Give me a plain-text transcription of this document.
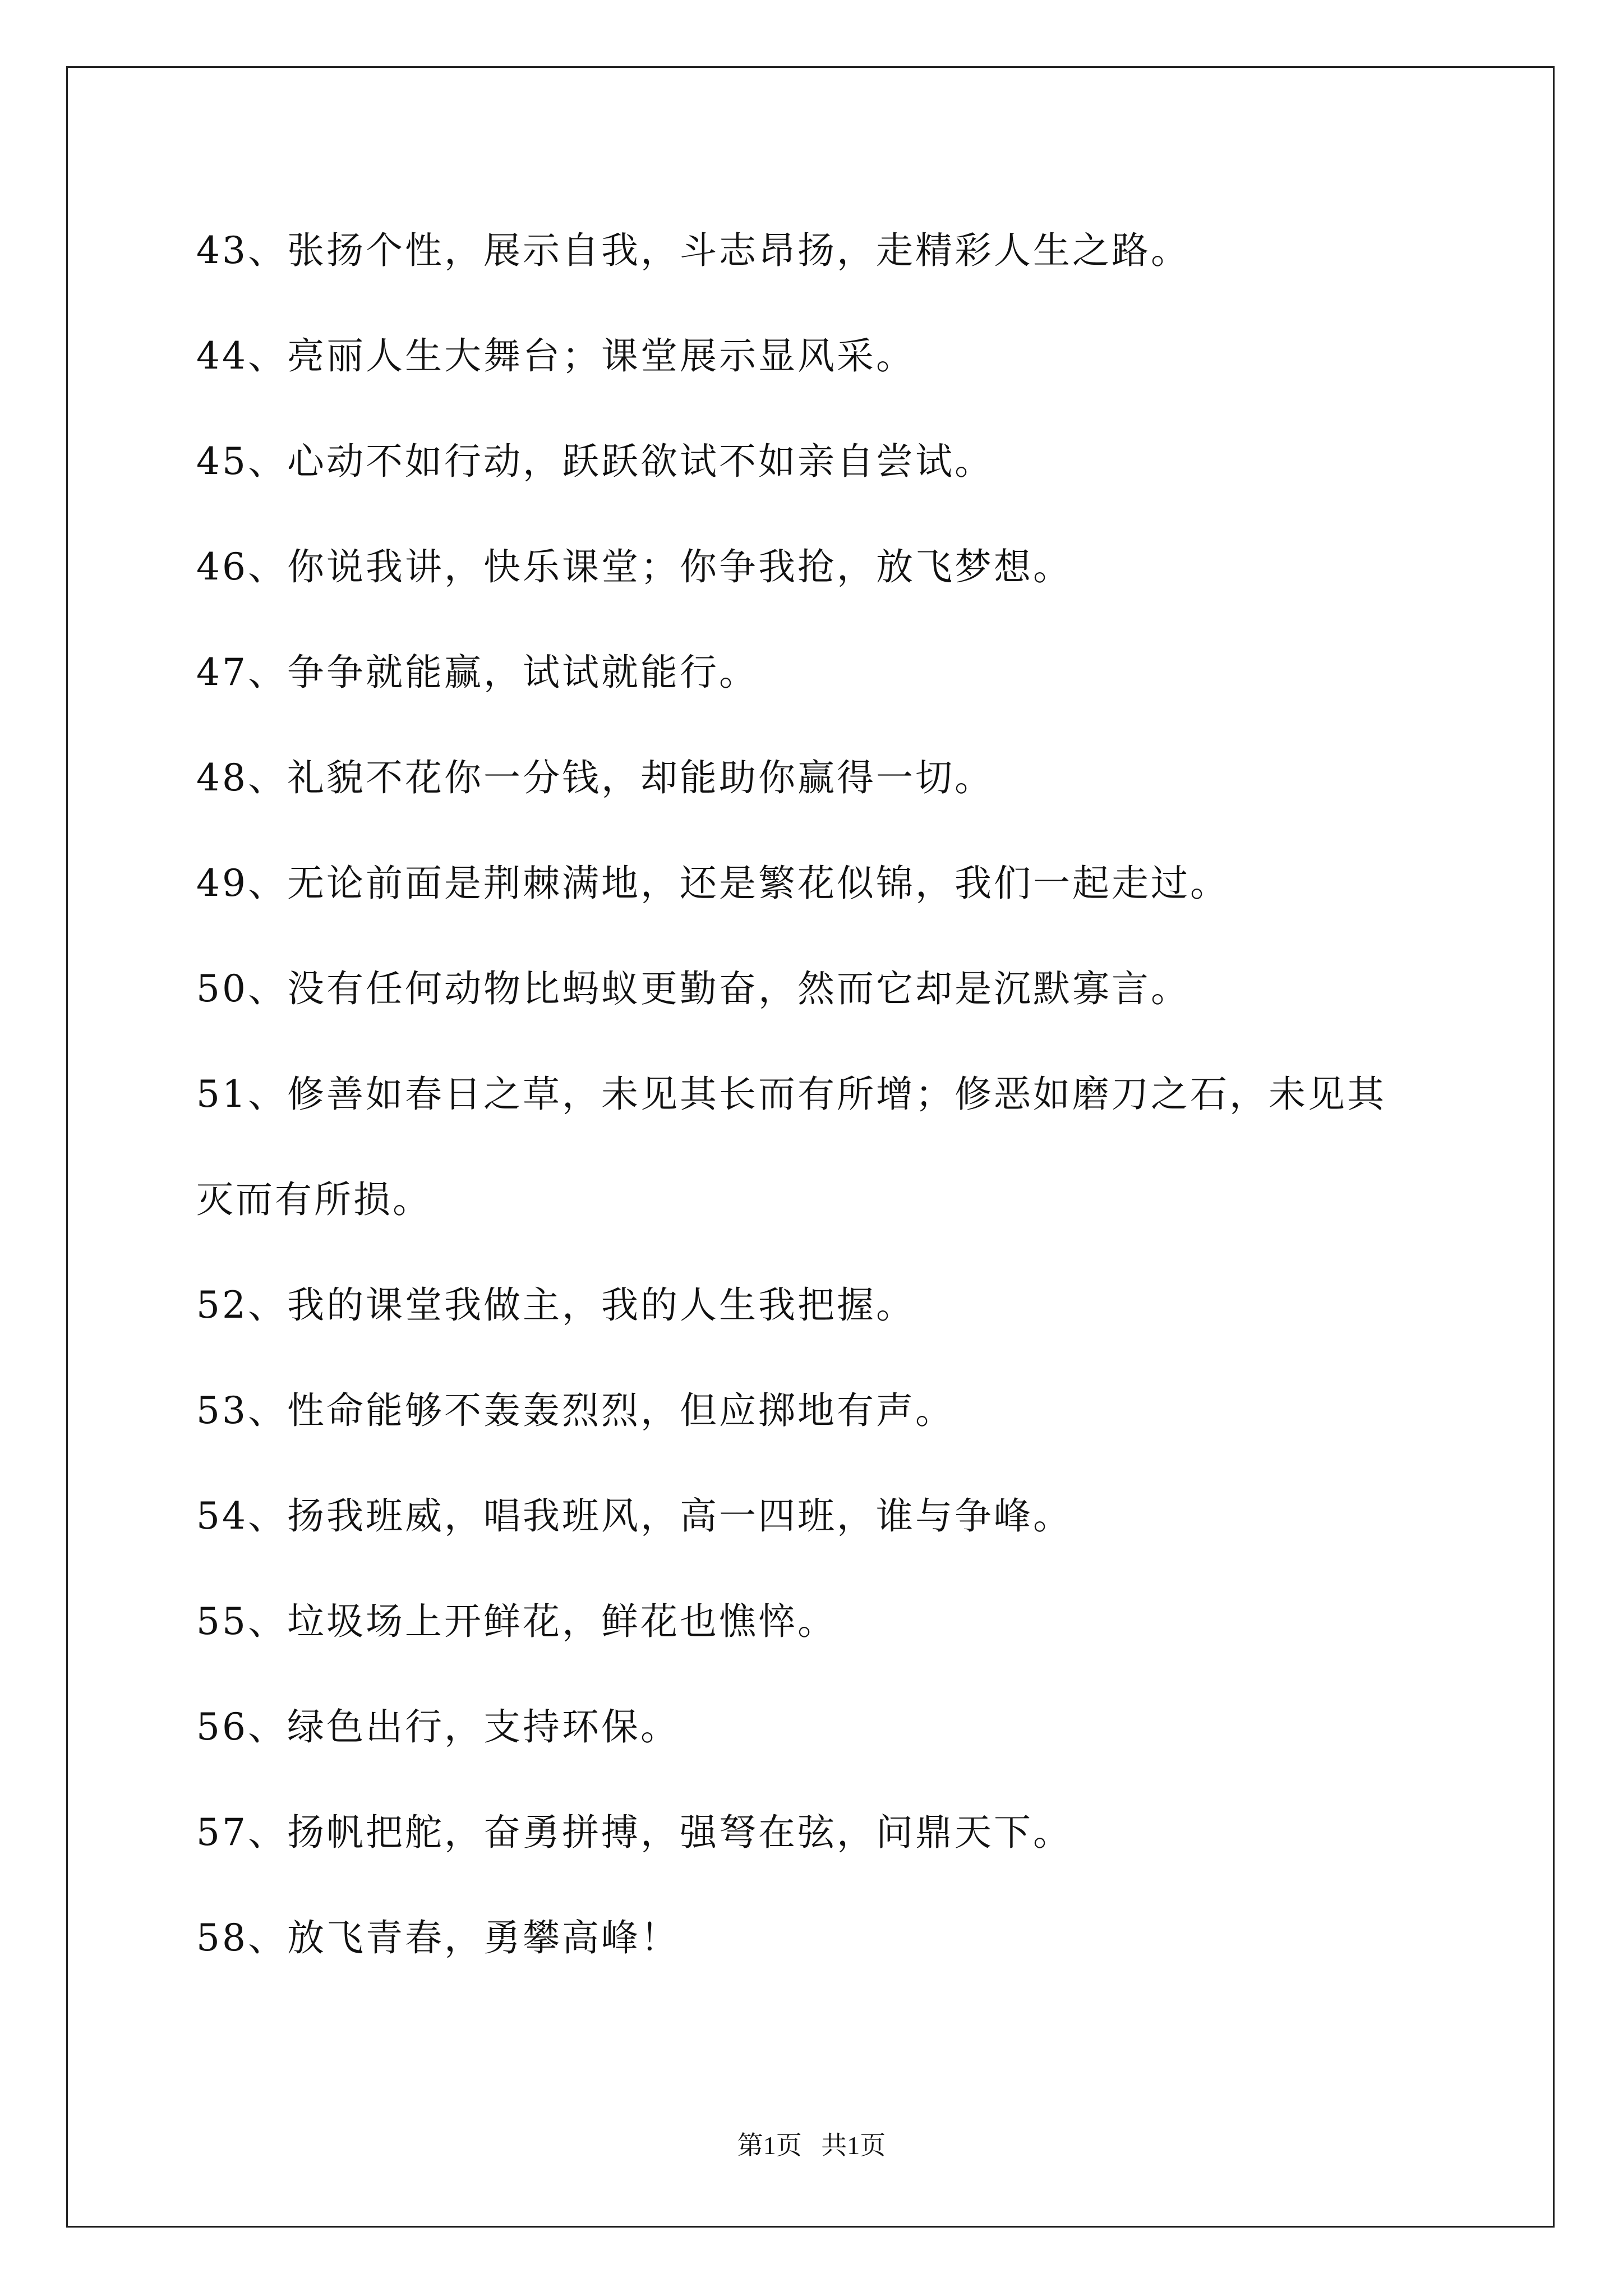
43、张扬个性，展示自我，斗志昂扬，走精彩人生之路。
44、亮丽人生大舞台；课堂展示显风采。
45、心动不如行动，跃跃欲试不如亲自尝试。
46、你说我讲，快乐课堂；你争我抢，放飞梦想。
47、争争就能赢，试试就能行。
48、礼貌不花你一分钱，却能助你赢得一切。
49、无论前面是荆棘满地，还是繁花似锦，我们一起走过。
50、没有任何动物比蚂蚁更勤奋，然而它却是沉默寡言。
51、修善如春日之草，未见其长而有所增；修恶如磨刀之石，未见其
灭而有所损。
52、我的课堂我做主，我的人生我把握。
53、性命能够不轰轰烈烈，但应掷地有声。
54、扬我班威，唱我班风，高一四班，谁与争峰。
55、垃圾场上开鲜花，鲜花也憔悴。
56、绿色出行，支持环保。
57、扬帆把舵，奋勇拼搏，强弩在弦，问鼎天下。
58、放飞青春，勇攀高峰！
第1页   共1页
